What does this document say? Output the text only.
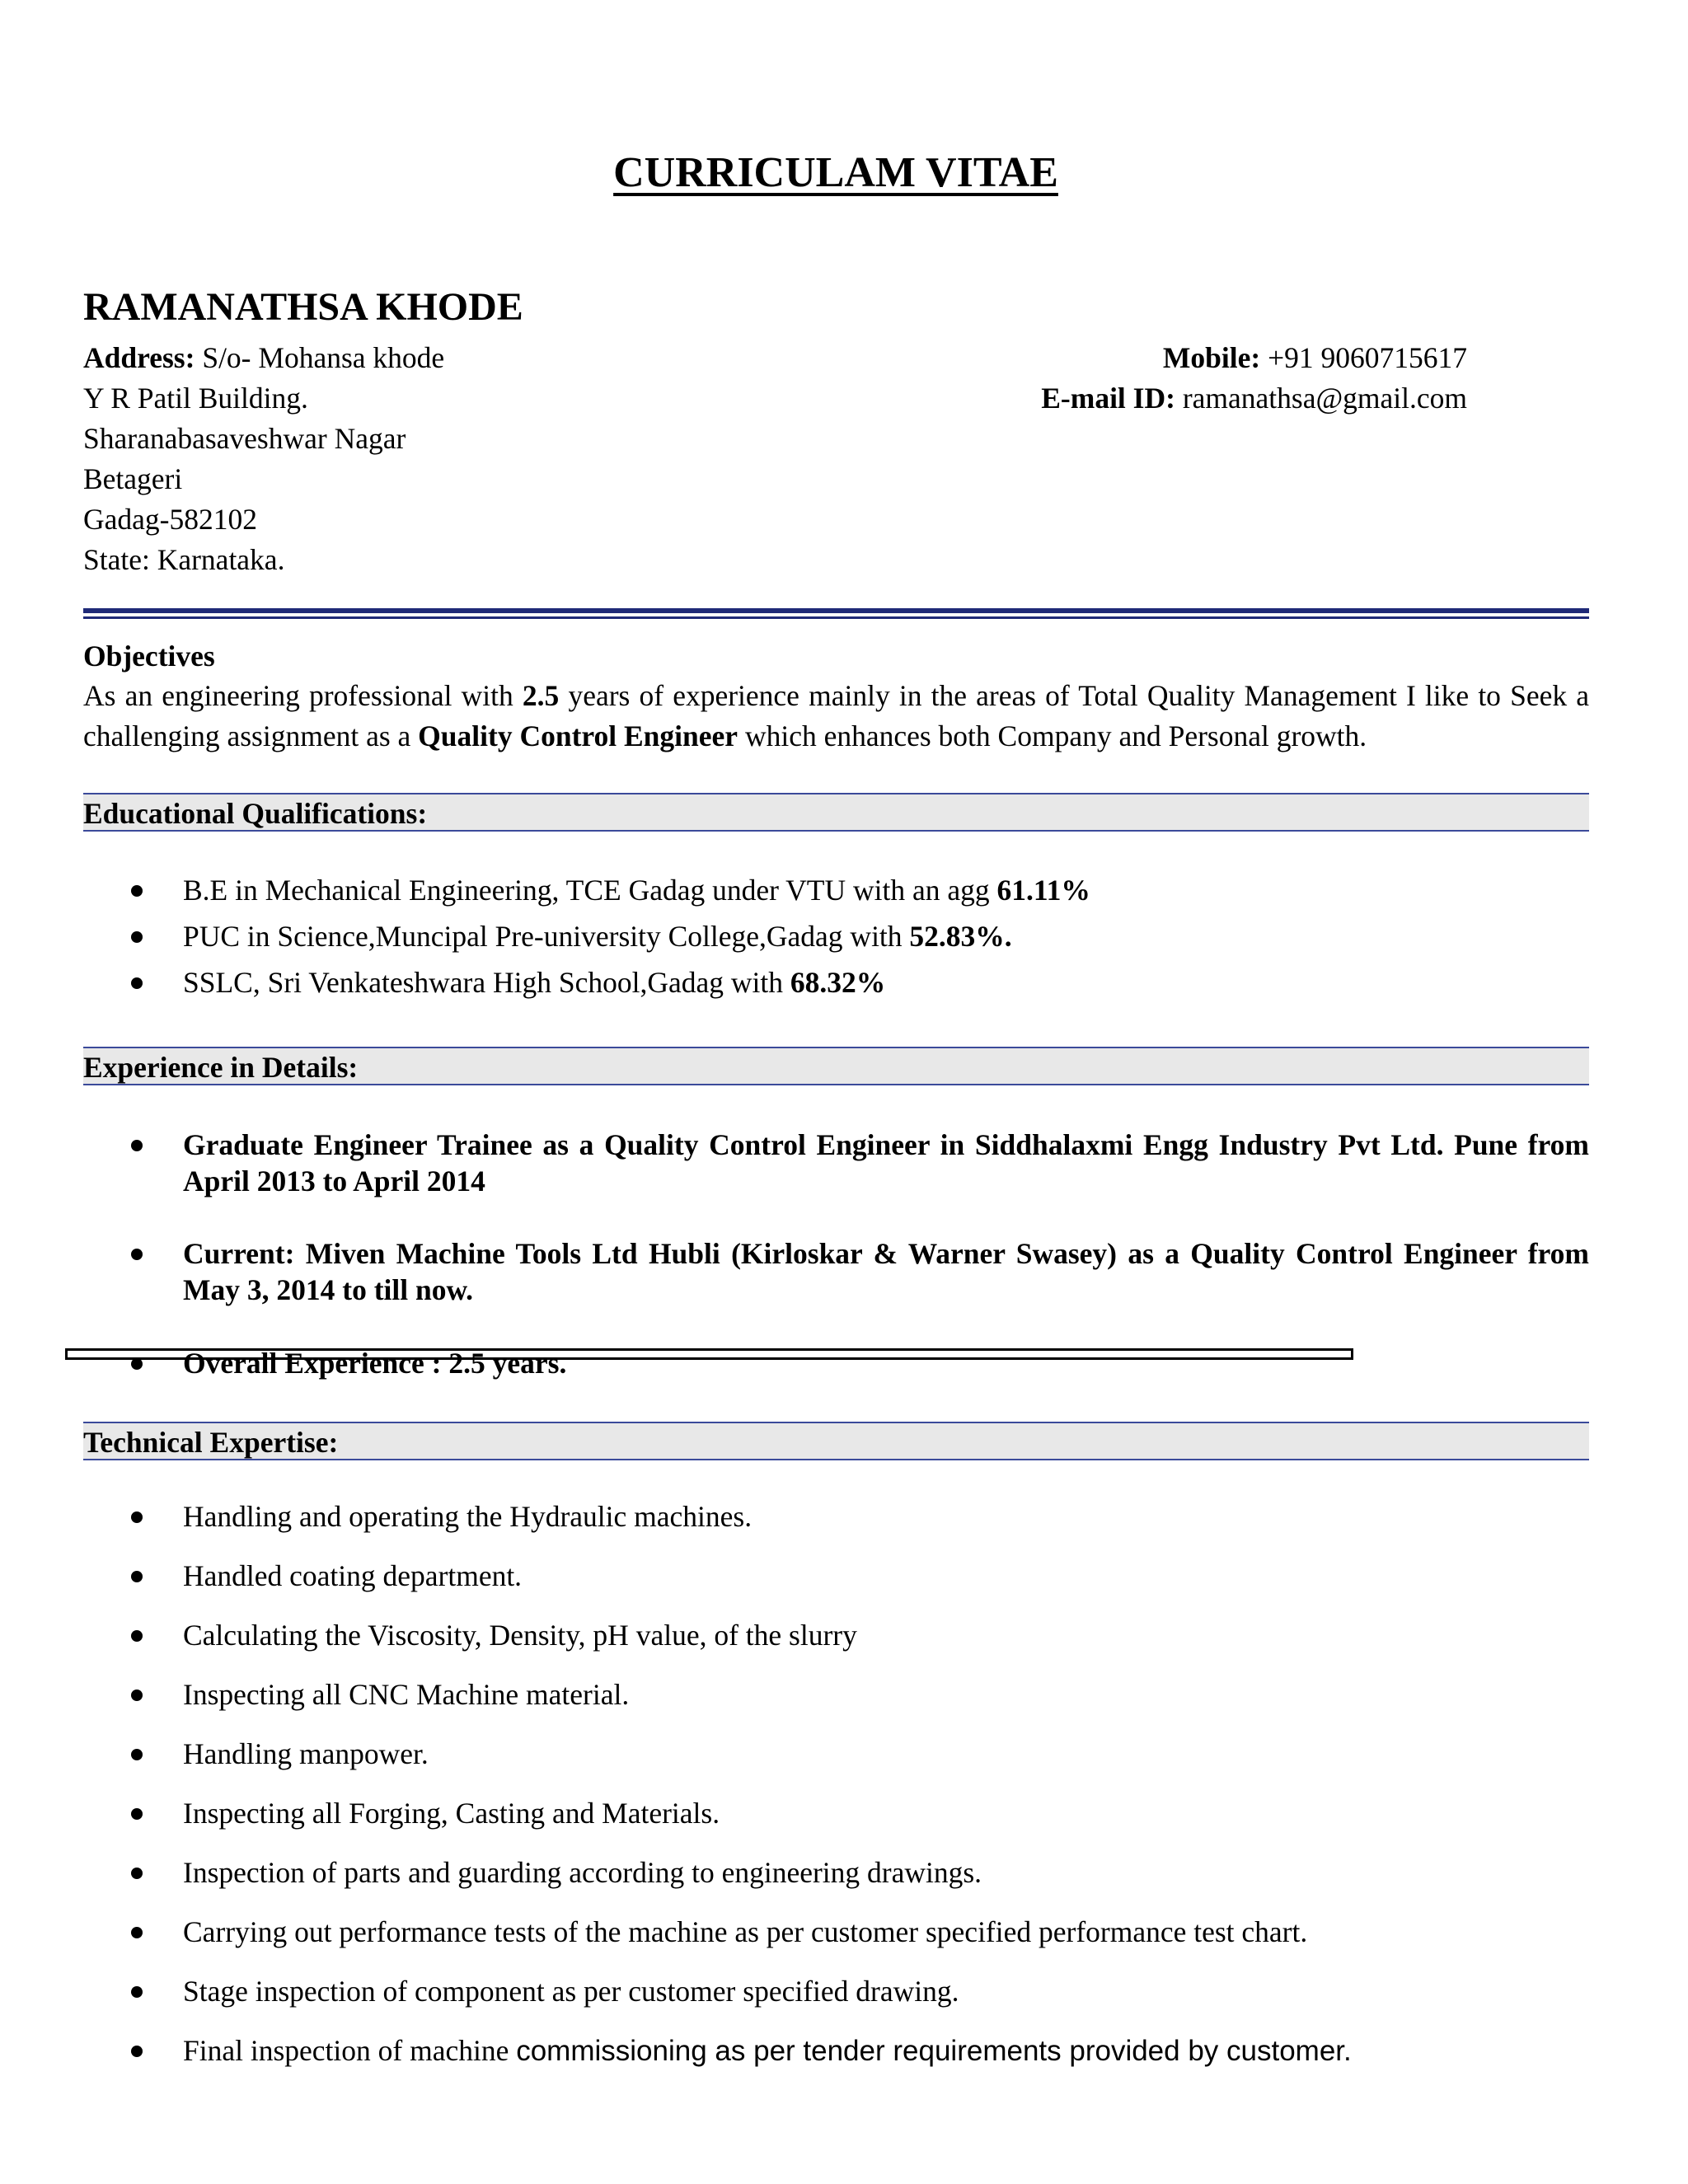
CURRICULAM VITAE
RAMANATHSA KHODE
Address: S/o- Mohansa khode
Y R Patil Building.
Sharanabasaveshwar Nagar
Betageri
Gadag-582102
State: Karnataka.
Mobile: +91 9060715617
E-mail ID: ramanathsa@gmail.com
Objectives
As an engineering professional with 2.5 years of experience mainly in the areas of Total Quality Management I like to Seek a challenging assignment as a Quality Control Engineer which enhances both Company and Personal growth.
Educational Qualifications:
B.E in Mechanical Engineering, TCE Gadag under VTU with an agg 61.11%
PUC in Science,Muncipal Pre-university College,Gadag with 52.83%.
SSLC, Sri Venkateshwara High School,Gadag with 68.32%
Experience in Details:
Graduate Engineer Trainee as a Quality Control Engineer in Siddhalaxmi Engg Industry Pvt Ltd. Pune from April 2013 to April 2014
Current: Miven Machine Tools Ltd Hubli (Kirloskar & Warner Swasey) as a Quality Control Engineer from May 3, 2014 to till now.
Overall Experience : 2.5 years.
Technical Expertise:
Handling and operating the Hydraulic machines.
Handled coating department.
Calculating the Viscosity, Density, pH value, of the slurry
Inspecting all CNC Machine material.
Handling manpower.
Inspecting all Forging, Casting and Materials.
Inspection of parts and guarding according to engineering drawings.
Carrying out performance tests of the machine as per customer specified performance test chart.
Stage inspection of component as per customer specified drawing.
Final inspection of machine commissioning as per tender requirements provided by customer.
